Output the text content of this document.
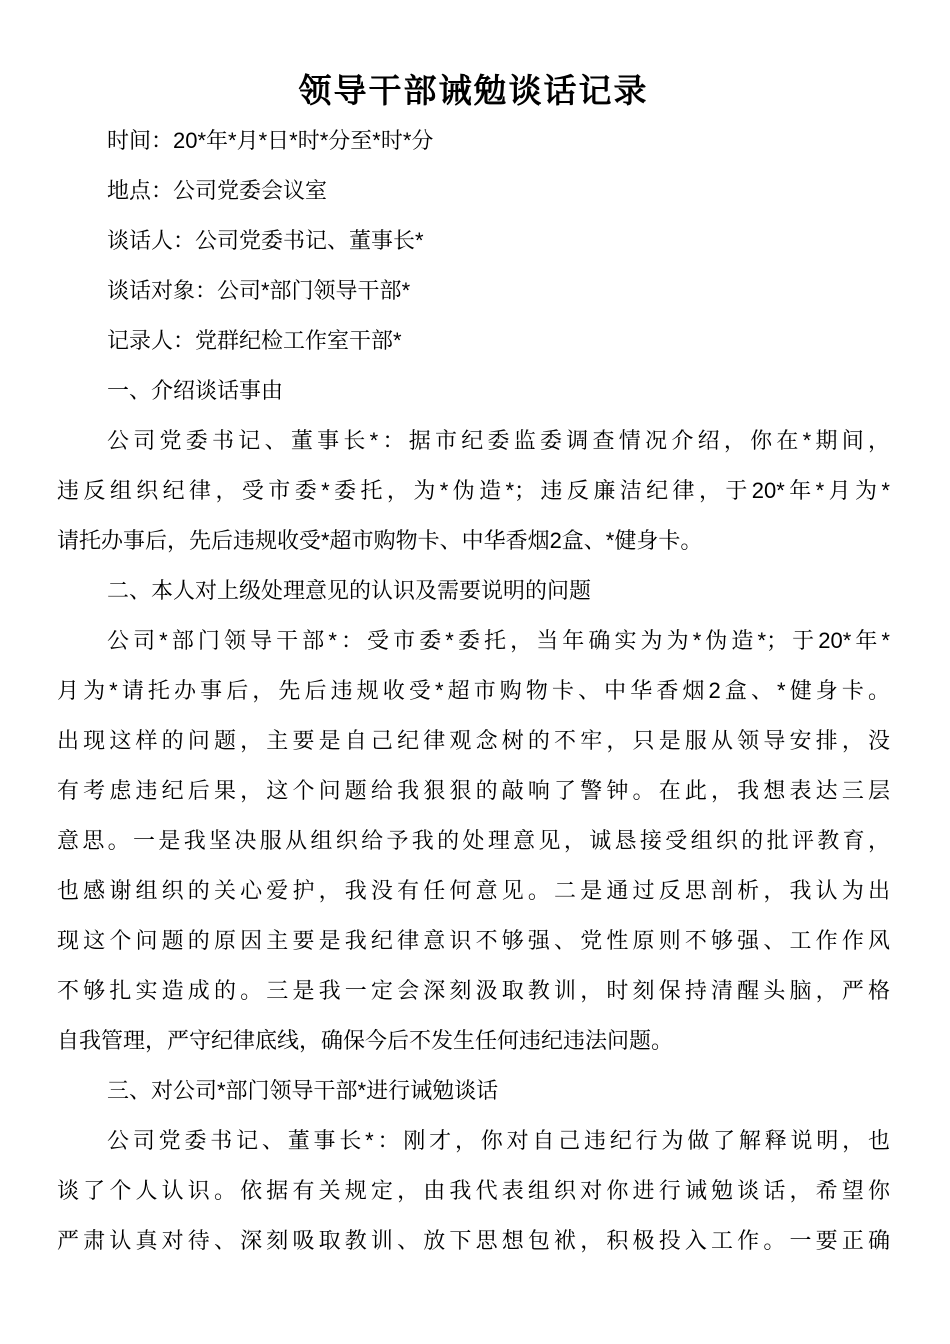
领导干部诫勉谈话记录
时间：20*年*月*日*时*分至*时*分
地点：公司党委会议室
谈话人：公司党委书记、董事长*
谈话对象：公司*部门领导干部*
记录人：党群纪检工作室干部*
一、介绍谈话事由
公司党委书记、董事长*：据市纪委监委调查情况介绍，你在*期间，
违反组织纪律，受市委*委托，为*伪造*；违反廉洁纪律，于20*年*月为*
请托办事后，先后违规收受*超市购物卡、中华香烟2盒、*健身卡。
二、本人对上级处理意见的认识及需要说明的问题
公司*部门领导干部*：受市委*委托，当年确实为为*伪造*；于20*年*
月为*请托办事后，先后违规收受*超市购物卡、中华香烟2盒、*健身卡。
出现这样的问题，主要是自己纪律观念树的不牢，只是服从领导安排，没
有考虑违纪后果，这个问题给我狠狠的敲响了警钟。在此，我想表达三层
意思。一是我坚决服从组织给予我的处理意见，诚恳接受组织的批评教育，
也感谢组织的关心爱护，我没有任何意见。二是通过反思剖析，我认为出
现这个问题的原因主要是我纪律意识不够强、党性原则不够强、工作作风
不够扎实造成的。三是我一定会深刻汲取教训，时刻保持清醒头脑，严格
自我管理，严守纪律底线，确保今后不发生任何违纪违法问题。
三、对公司*部门领导干部*进行诫勉谈话
公司党委书记、董事长*：刚才，你对自己违纪行为做了解释说明，也
谈了个人认识。依据有关规定，由我代表组织对你进行诫勉谈话，希望你
严肃认真对待、深刻吸取教训、放下思想包袱，积极投入工作。一要正确
